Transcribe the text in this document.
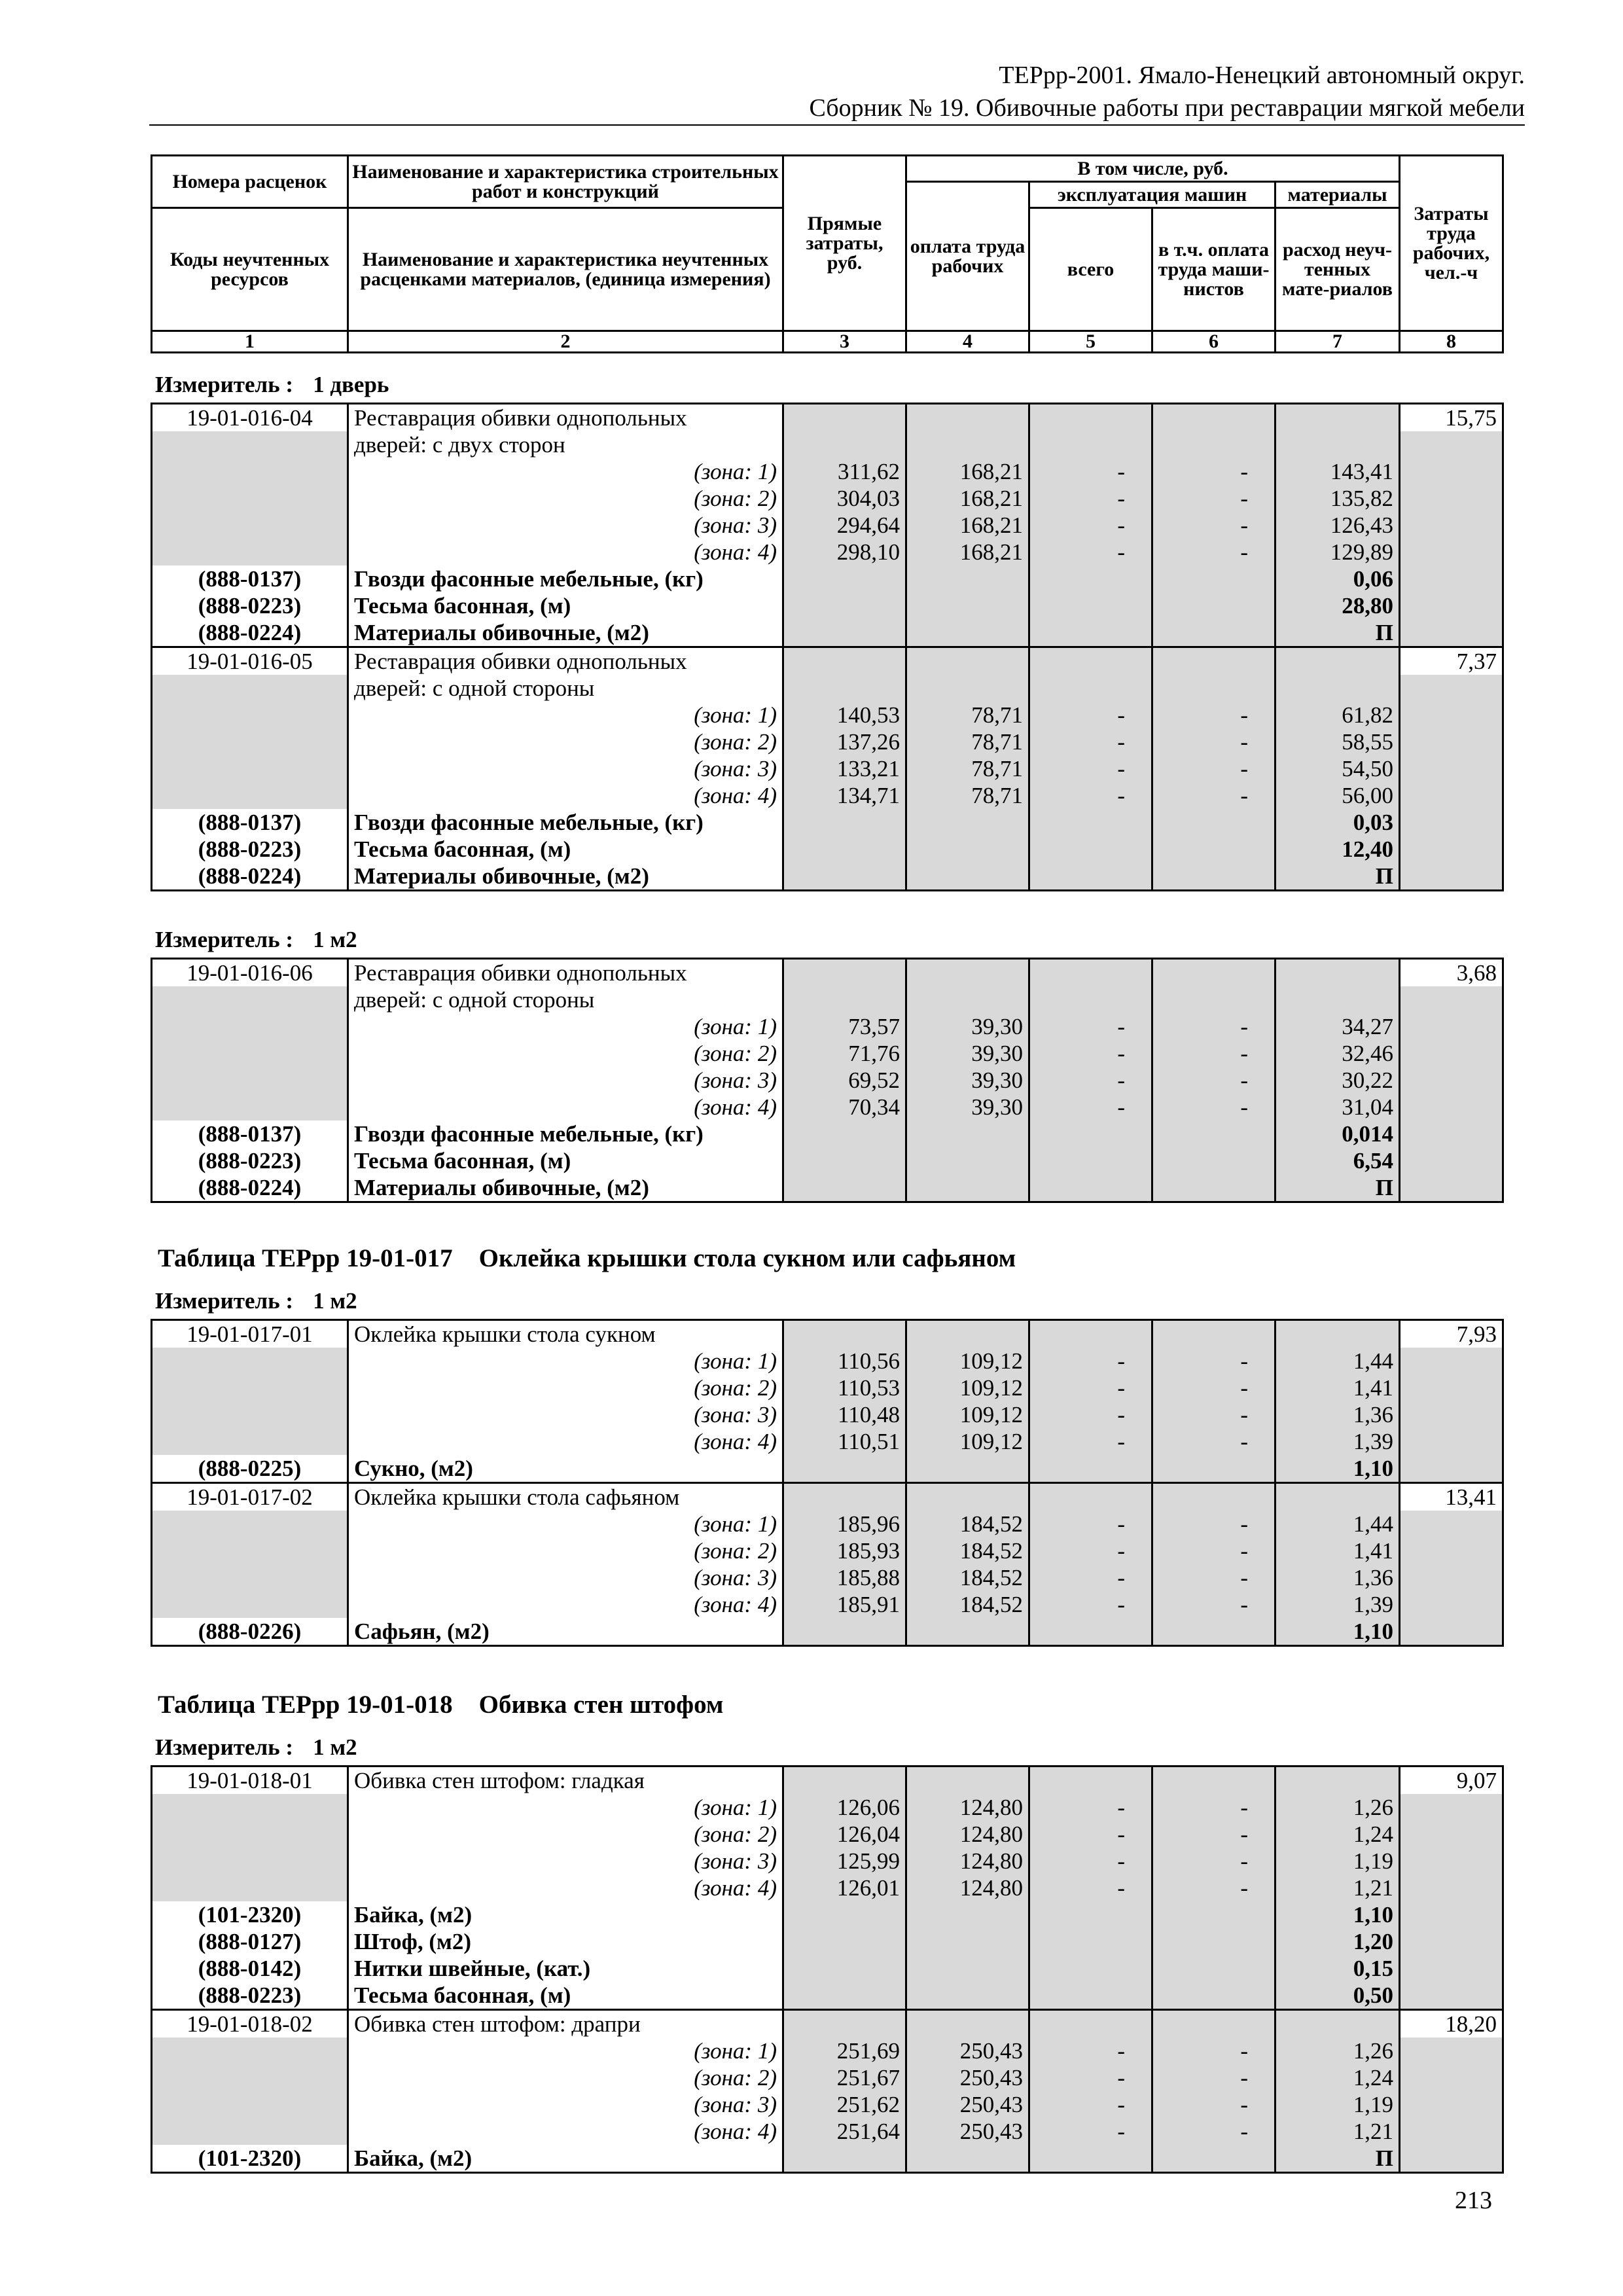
ТЕРрр-2001. Ямало-Ненецкий автономный округ.
Сборник № 19. Обивочные работы при реставрации мягкой мебели
Номера расценок	Наименование и характеристика строительных работ и конструкций	Прямые затраты, руб.	В том числе, руб.				Затраты труда рабочих, чел.-ч
			оплата труда рабочих	эксплуатация машин		материалы	
Коды неучтенных ресурсов	Наименование и характеристика неучтенных расценками материалов, (единица измерения)			всего	в т.ч. оплата труда маши-нистов	расход неуч-тенных мате-риалов	
1	2	3	4	5	6	7	8
Измеритель : 1 дверь
19-01-016-04	Реставрация обивки однопольных						15,75
	дверей: с двух сторон						
	(зона: 1)	311,62	168,21	-	-	143,41	
	(зона: 2)	304,03	168,21	-	-	135,82	
	(зона: 3)	294,64	168,21	-	-	126,43	
	(зона: 4)	298,10	168,21	-	-	129,89	
(888-0137)	Гвозди фасонные мебельные, (кг)					0,06	
(888-0223)	Тесьма басонная, (м)					28,80	
(888-0224)	Материалы обивочные, (м2)					П	
19-01-016-05	Реставрация обивки однопольных						7,37
	дверей: с одной стороны						
	(зона: 1)	140,53	78,71	-	-	61,82	
	(зона: 2)	137,26	78,71	-	-	58,55	
	(зона: 3)	133,21	78,71	-	-	54,50	
	(зона: 4)	134,71	78,71	-	-	56,00	
(888-0137)	Гвозди фасонные мебельные, (кг)					0,03	
(888-0223)	Тесьма басонная, (м)					12,40	
(888-0224)	Материалы обивочные, (м2)					П	
Измеритель : 1 м2
19-01-016-06	Реставрация обивки однопольных						3,68
	дверей: с одной стороны						
	(зона: 1)	73,57	39,30	-	-	34,27	
	(зона: 2)	71,76	39,30	-	-	32,46	
	(зона: 3)	69,52	39,30	-	-	30,22	
	(зона: 4)	70,34	39,30	-	-	31,04	
(888-0137)	Гвозди фасонные мебельные, (кг)					0,014	
(888-0223)	Тесьма басонная, (м)					6,54	
(888-0224)	Материалы обивочные, (м2)					П	
Таблица ТЕРрр 19-01-017 Оклейка крышки стола сукном или сафьяном
Измеритель : 1 м2
19-01-017-01	Оклейка крышки стола сукном						7,93
	(зона: 1)	110,56	109,12	-	-	1,44	
	(зона: 2)	110,53	109,12	-	-	1,41	
	(зона: 3)	110,48	109,12	-	-	1,36	
	(зона: 4)	110,51	109,12	-	-	1,39	
(888-0225)	Сукно, (м2)					1,10	
19-01-017-02	Оклейка крышки стола сафьяном						13,41
	(зона: 1)	185,96	184,52	-	-	1,44	
	(зона: 2)	185,93	184,52	-	-	1,41	
	(зона: 3)	185,88	184,52	-	-	1,36	
	(зона: 4)	185,91	184,52	-	-	1,39	
(888-0226)	Сафьян, (м2)					1,10	
Таблица ТЕРрр 19-01-018 Обивка стен штофом
Измеритель : 1 м2
19-01-018-01	Обивка стен штофом: гладкая						9,07
	(зона: 1)	126,06	124,80	-	-	1,26	
	(зона: 2)	126,04	124,80	-	-	1,24	
	(зона: 3)	125,99	124,80	-	-	1,19	
	(зона: 4)	126,01	124,80	-	-	1,21	
(101-2320)	Байка, (м2)					1,10	
(888-0127)	Штоф, (м2)					1,20	
(888-0142)	Нитки швейные, (кат.)					0,15	
(888-0223)	Тесьма басонная, (м)					0,50	
19-01-018-02	Обивка стен штофом: драпри						18,20
	(зона: 1)	251,69	250,43	-	-	1,26	
	(зона: 2)	251,67	250,43	-	-	1,24	
	(зона: 3)	251,62	250,43	-	-	1,19	
	(зона: 4)	251,64	250,43	-	-	1,21	
(101-2320)	Байка, (м2)					П	
213
